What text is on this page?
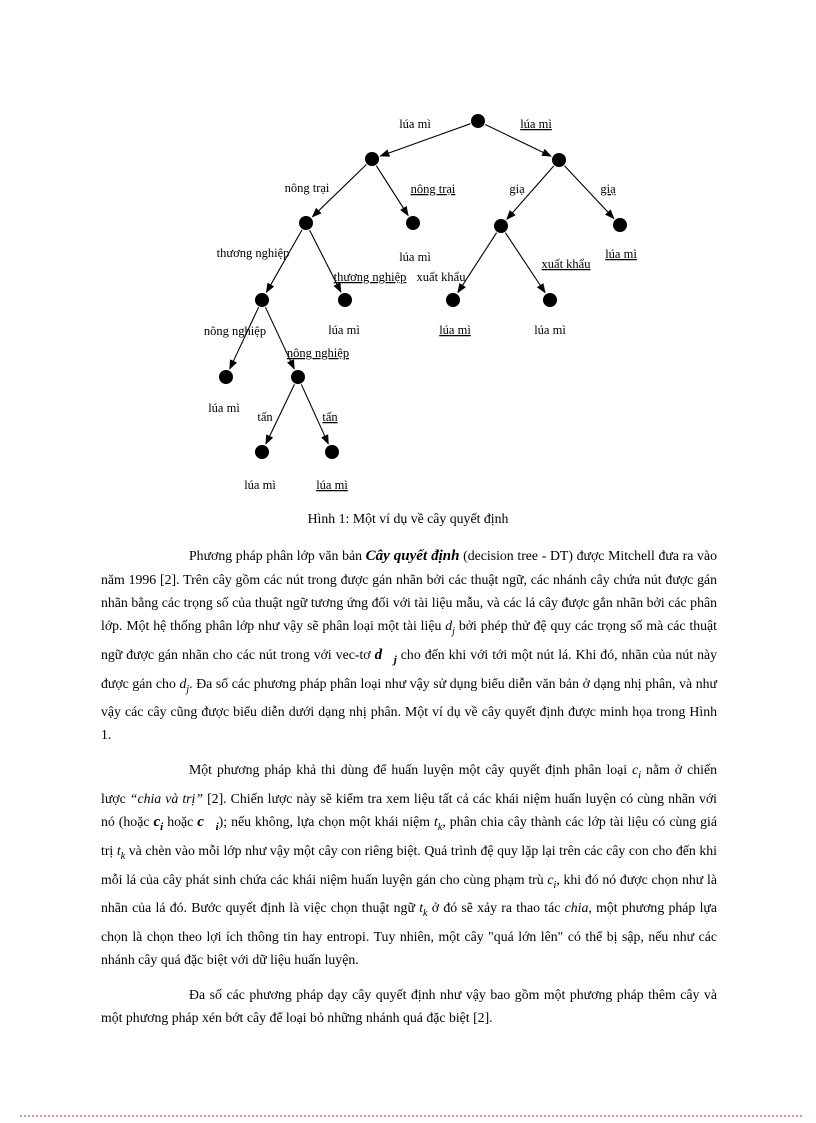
lúa mì	lúa mì
nông trại	nông trại	giạ	giạ
thương nghiệp
thương nghiệp xuất khẩu
xuất khẩu
nông nghiệp
nông nghiệp
tấn	tấn
lúa mì	lúa mì
lúa mì	lúa mì	lúa mì
lúa mì
lúa mì	lúa mì
Hình 1: Một ví dụ về cây quyết định

Phương pháp phân lớp văn bản Cây quyết định (decision tree - DT) được Mitchell đưa ra vào năm 1996 [2]. Trên cây gồm các nút trong được gán nhãn bởi các thuật ngữ, các nhánh cây chứa nút được gán nhãn bằng các trọng số của thuật ngữ tương ứng đối với tài liệu mẫu, và các lá cây được gắn nhãn bởi các phân lớp. Một hệ thống phân lớp như vậy sẽ phân loại một tài liệu $d_j$ bởi phép thử đệ quy các trọng số mà các thuật ngữ được gán nhãn cho các nút trong với vec-tơ $d⃗_j$ cho đến khi với tới một nút lá. Khi đó, nhãn của nút này được gán cho $d_j$. Đa số các phương pháp phân loại như vậy sử dụng biểu diễn văn bản ở dạng nhị phân, và như vậy các cây cũng được biểu diễn dưới dạng nhị phân. Một ví dụ về cây quyết định được minh họa trong Hình 1.

Một phương pháp khả thi dùng để huấn luyện một cây quyết định phân loại $c_i$ nằm ở chiến lược “chia và trị” [2]. Chiến lược này sẽ kiểm tra xem liệu tất cả các khái niệm huấn luyện có cùng nhãn với nó (hoặc $c_i$ hoặc $c⃗_i$); nếu không, lựa chọn một khái niệm $t_k$, phân chia cây thành các lớp tài liệu có cùng giá trị $t_k$ và chèn vào mỗi lớp như vậy một cây con riêng biệt. Quá trình đệ quy lặp lại trên các cây con cho đến khi mỗi lá của cây phát sinh chứa các khái niệm huấn luyện gán cho cùng phạm trù $c_i$, khi đó nó được chọn như là nhãn của lá đó. Bước quyết định là việc chọn thuật ngữ $t_k$ ở đó sẽ xảy ra thao tác chia, một phương pháp lựa chọn là chọn theo lợi ích thông tin hay entropi. Tuy nhiên, một cây "quá lớn lên" có thể bị sập, nếu như các nhánh cây quá đặc biệt với dữ liệu huấn luyện.

Đa số các phương pháp dạy cây quyết định như vậy bao gồm một phương pháp thêm cây và một phương pháp xén bớt cây để loại bỏ những nhánh quá đặc biệt [2].
